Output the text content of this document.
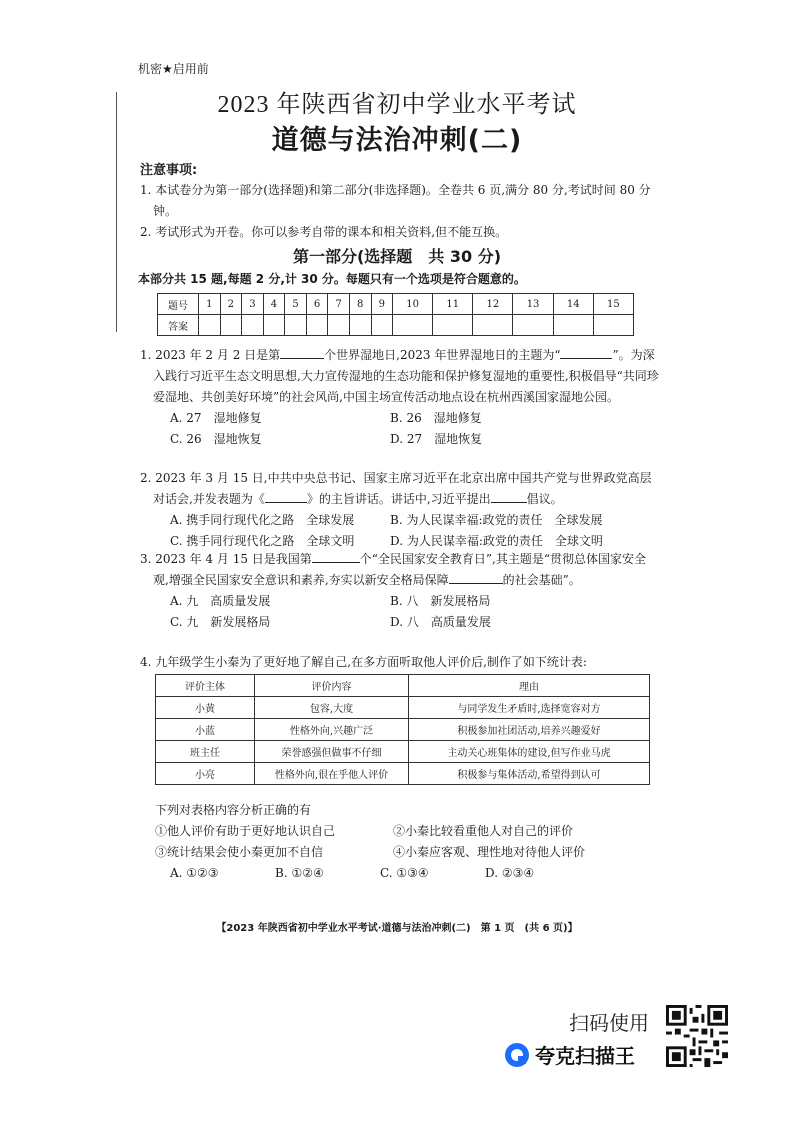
机密★启用前
2023 年陕西省初中学业水平考试
道德与法治冲刺(二)
注意事项:
1. 本试卷分为第一部分(选择题)和第二部分(非选择题)。全卷共 6 页,满分 80 分,考试时间 80 分钟。
2. 考试形式为开卷。你可以参考自带的课本和相关资料,但不能互换。
第一部分(选择题　共 30 分)
本部分共 15 题,每题 2 分,计 30 分。每题只有一个选项是符合题意的。
题号	1	2	3	4	5	6	7	8	9	10	11	12	13	14	15
答案															
1. 2023 年 2 月 2 日是第	个世界湿地日,2023 年世界湿地日的主题为“	”。为深入践行习近平生态文明思想,大力宣传湿地的生态功能和保护修复湿地的重要性,积极倡导“共同珍爱湿地、共创美好环境”的社会风尚,中国主场宣传活动地点设在杭州西溪国家湿地公园。
A. 27　湿地修复	B. 26　湿地修复
C. 26　湿地恢复	D. 27　湿地恢复
2. 2023 年 3 月 15 日,中共中央总书记、国家主席习近平在北京出席中国共产党与世界政党高层对话会,并发表题为《	》的主旨讲话。讲话中,习近平提出	倡议。
A. 携手同行现代化之路　全球发展	B. 为人民谋幸福:政党的责任　全球发展
C. 携手同行现代化之路　全球文明	D. 为人民谋幸福:政党的责任　全球文明
3. 2023 年 4 月 15 日是我国第	个“全民国家安全教育日”,其主题是“贯彻总体国家安全观,增强全民国家安全意识和素养,夯实以新安全格局保障	的社会基础”。
A. 九　高质量发展	B. 八　新发展格局
C. 九　新发展格局	D. 八　高质量发展
4. 九年级学生小秦为了更好地了解自己,在多方面听取他人评价后,制作了如下统计表:
评价主体	评价内容	理由
小黄	包容,大度	与同学发生矛盾时,选择宽容对方
小蓝	性格外向,兴趣广泛	积极参加社团活动,培养兴趣爱好
班主任	荣誉感强但做事不仔细	主动关心班集体的建设,但写作业马虎
小亮	性格外向,很在乎他人评价	积极参与集体活动,希望得到认可
下列对表格内容分析正确的有
①他人评价有助于更好地认识自己	②小秦比较看重他人对自己的评价
③统计结果会使小秦更加不自信	④小秦应客观、理性地对待他人评价
A. ①②③	B. ①②④	C. ①③④	D. ②③④
【2023 年陕西省初中学业水平考试·道德与法治冲刺(二)　第 1 页　(共 6 页)】
扫码使用
夸克扫描王
